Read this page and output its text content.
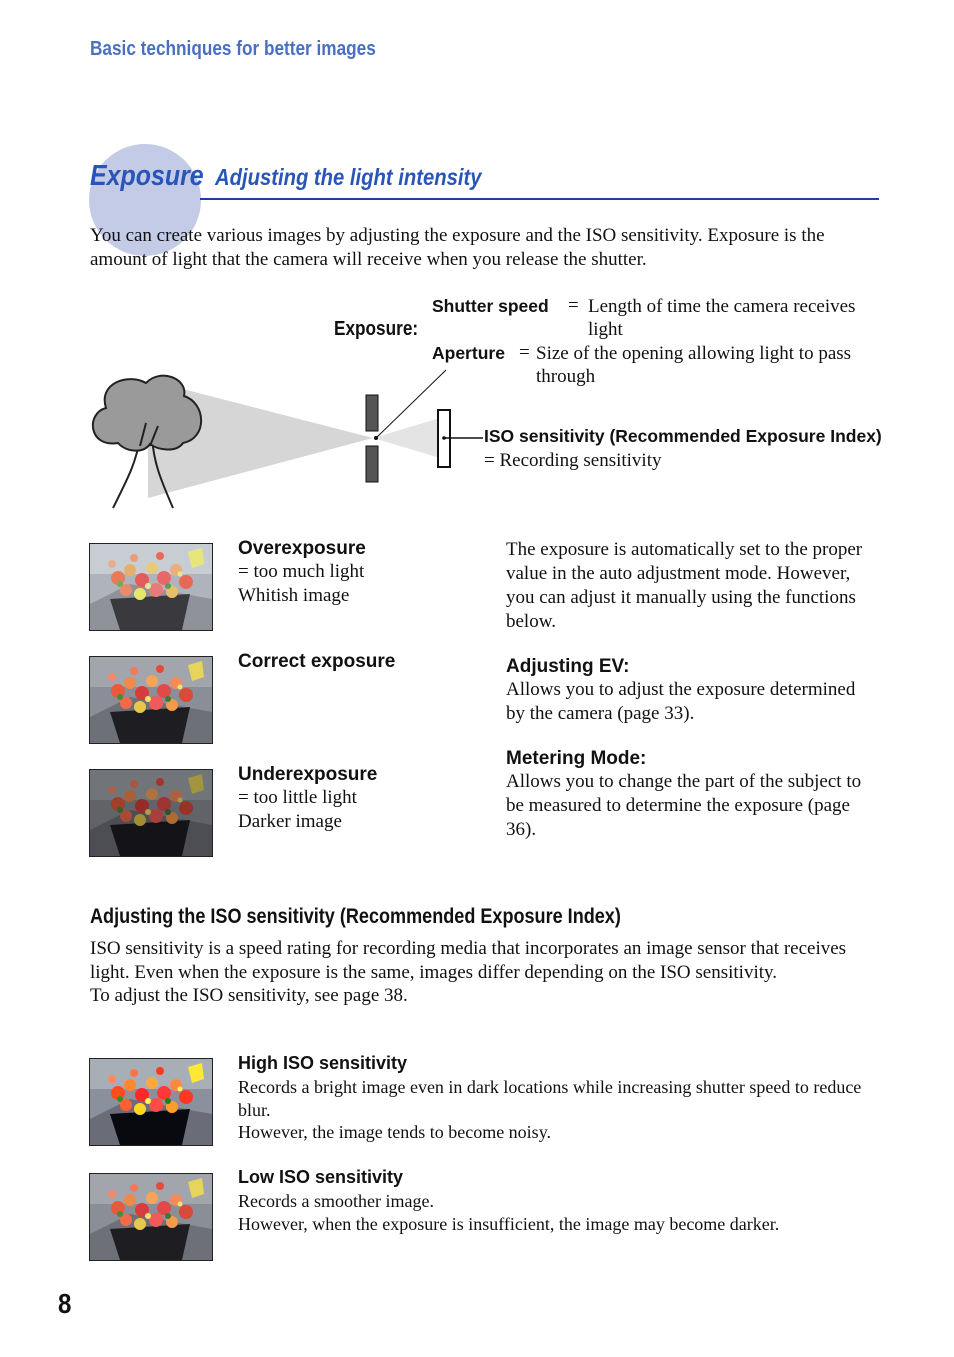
Basic techniques for better images
Exposure Adjusting the light intensity
You can create various images by adjusting the exposure and the ISO sensitivity. Exposure is the amount of light that the camera will receive when you release the shutter.
Exposure:
Shutter speed = Length of time the camera receives light
Aperture = Size of the opening allowing light to pass through
ISO sensitivity (Recommended Exposure Index) = Recording sensitivity
Overexposure
= too much light
Whitish image
Correct exposure
Underexposure
= too little light
Darker image
The exposure is automatically set to the proper value in the auto adjustment mode. However, you can adjust it manually using the functions below.
Adjusting EV:
Allows you to adjust the exposure determined by the camera (page 33).
Metering Mode:
Allows you to change the part of the subject to be measured to determine the exposure (page 36).
Adjusting the ISO sensitivity (Recommended Exposure Index)
ISO sensitivity is a speed rating for recording media that incorporates an image sensor that receives light. Even when the exposure is the same, images differ depending on the ISO sensitivity.
To adjust the ISO sensitivity, see page 38.
High ISO sensitivity
Records a bright image even in dark locations while increasing shutter speed to reduce blur.
However, the image tends to become noisy.
Low ISO sensitivity
Records a smoother image.
However, when the exposure is insufficient, the image may become darker.
8
